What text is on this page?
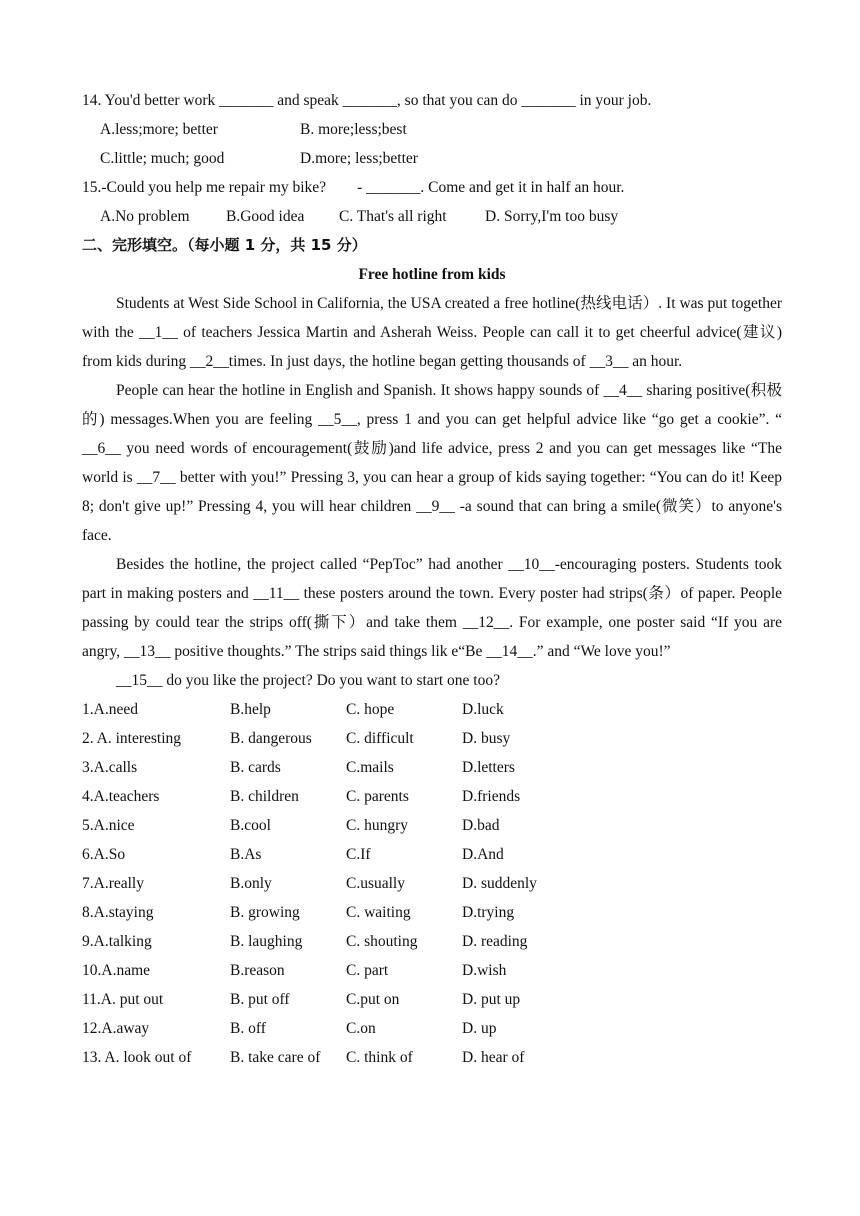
14. You'd better work _______ and speak _______, so that you can do _______ in your job.
A.less;more; better	B. more;less;best
C.little; much; good	D.more; less;better
15.-Could you help me repair my bike?        - _______. Come and get it in half an hour.
A.No problem	B.Good idea	C. That's all right	D. Sorry,I'm too busy
二、完形填空。（每小题 1 分，共 15 分）
Free hotline from kids

Students at West Side School in California, the USA created a free hotline(热线电话）. It was put together with the __1__ of teachers Jessica Martin and Asherah Weiss. People can call it to get cheerful advice(建议) from kids during __2__times. In just days, the hotline began getting thousands of __3__ an hour.

People can hear the hotline in English and Spanish. It shows happy sounds of __4__ sharing positive(积极的) messages.When you are feeling __5__, press 1 and you can get helpful advice like “go get a cookie”. “ __6__ you need words of encouragement(鼓励)and life advice, press 2 and you can get messages like “The world is __7__ better with you!” Pressing 3, you can hear a group of kids saying together: “You can do it! Keep 8; don't give up!” Pressing 4, you will hear children __9__ -a sound that can bring a smile(微笑）to anyone's face.

Besides the hotline, the project called “PepToc” had another __10__-encouraging posters. Students took part in making posters and __11__ these posters around the town. Every poster had strips(条）of paper. People passing by could tear the strips off(撕下）and take them __12__. For example, one poster said “If you are angry, __13__ positive thoughts.” The strips said things lik e“Be __14__.” and “We love you!”

__15__ do you like the project? Do you want to start one too?

1.A.need	B.help	C. hope	D.luck
2. A. interesting	B. dangerous	C. difficult	D. busy
3.A.calls	B. cards	C.mails	D.letters
4.A.teachers	B. children	C. parents	D.friends
5.A.nice	B.cool	C. hungry	D.bad
6.A.So	B.As	C.If	D.And
7.A.really	B.only	C.usually	D. suddenly
8.A.staying	B. growing	C. waiting	D.trying
9.A.talking	B. laughing	C. shouting	D. reading
10.A.name	B.reason	C. part	D.wish
11.A. put out	B. put off	C.put on	D. put up
12.A.away	B. off	C.on	D. up
13. A. look out of	B. take care of	C. think of	D. hear of
